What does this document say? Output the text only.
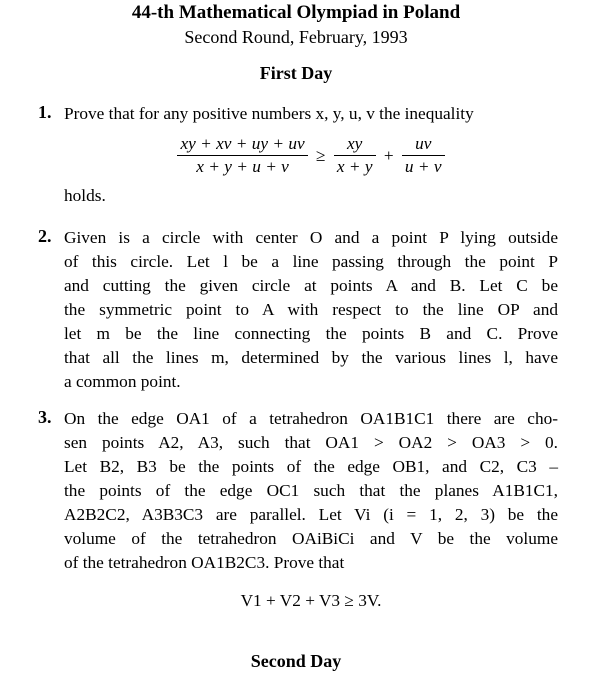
44-th Mathematical Olympiad in Poland
Second Round, February, 1993
First Day
1. Prove that for any positive numbers x, y, u, v the inequality
$\frac{xy + xv + uy + uv}{x + y + u + v} \ge \frac{xy}{x + y} + \frac{uv}{u + v}$
holds.
2. Given is a circle with center O and a point P lying outside
of this circle. Let l be a line passing through the point P
and cutting the given circle at points A and B. Let C be
the symmetric point to A with respect to the line OP and
let m be the line connecting the points B and C. Prove
that all the lines m, determined by the various lines l, have
a common point.
3. On the edge OA1 of a tetrahedron OA1B1C1 there are cho-
sen points A2, A3, such that OA1 > OA2 > OA3 > 0.
Let B2, B3 be the points of the edge OB1, and C2, C3 –
the points of the edge OC1 such that the planes A1B1C1,
A2B2C2, A3B3C3 are parallel. Let Vi (i = 1, 2, 3) be the
volume of the tetrahedron OAiBiCi and V be the volume
of the tetrahedron OA1B2C3. Prove that
V1 + V2 + V3 ≥ 3V.
Second Day
